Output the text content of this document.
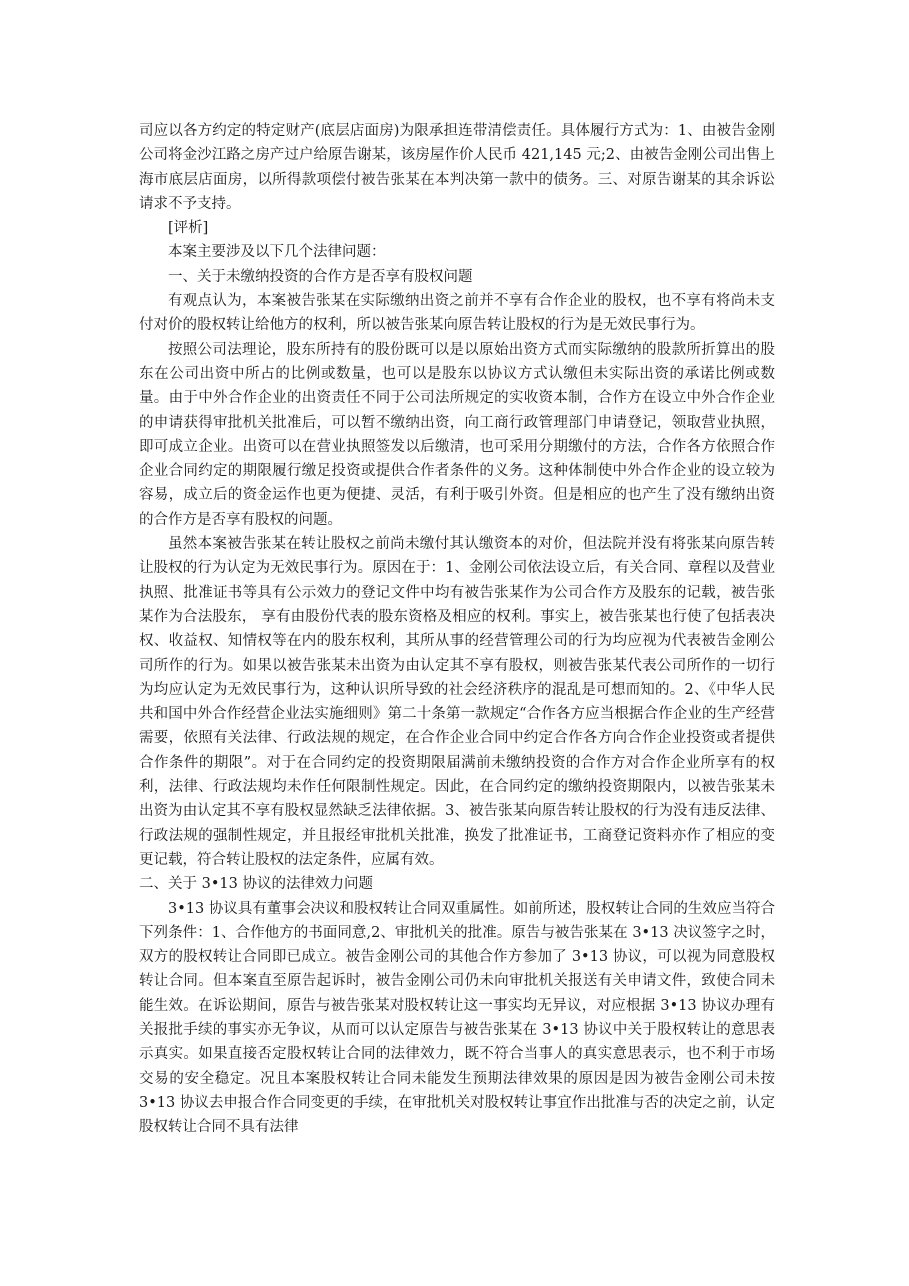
司应以各方约定的特定财产(底层店面房)为限承担连带清偿责任。具体履行方式为：1、由被告金刚公司将金沙江路之房产过户给原告谢某，该房屋作价人民币 421,145 元;2、由被告金刚公司出售上海市底层店面房，以所得款项偿付被告张某在本判决第一款中的债务。三、对原告谢某的其余诉讼请求不予支持。

[评析]

本案主要涉及以下几个法律问题：

一、关于未缴纳投资的合作方是否享有股权问题

有观点认为，本案被告张某在实际缴纳出资之前并不享有合作企业的股权，也不享有将尚未支付对价的股权转让给他方的权利，所以被告张某向原告转让股权的行为是无效民事行为。

按照公司法理论，股东所持有的股份既可以是以原始出资方式而实际缴纳的股款所折算出的股东在公司出资中所占的比例或数量，也可以是股东以协议方式认缴但未实际出资的承诺比例或数量。由于中外合作企业的出资责任不同于公司法所规定的实收资本制，合作方在设立中外合作企业的申请获得审批机关批准后，可以暂不缴纳出资，向工商行政管理部门申请登记，领取营业执照，即可成立企业。出资可以在营业执照签发以后缴清，也可采用分期缴付的方法，合作各方依照合作企业合同约定的期限履行缴足投资或提供合作者条件的义务。这种体制使中外合作企业的设立较为容易，成立后的资金运作也更为便捷、灵活，有利于吸引外资。但是相应的也产生了没有缴纳出资的合作方是否享有股权的问题。

虽然本案被告张某在转让股权之前尚未缴付其认缴资本的对价，但法院并没有将张某向原告转让股权的行为认定为无效民事行为。原因在于：1、金刚公司依法设立后，有关合同、章程以及营业执照、批准证书等具有公示效力的登记文件中均有被告张某作为公司合作方及股东的记载，被告张某作为合法股东， 享有由股份代表的股东资格及相应的权利。事实上，被告张某也行使了包括表决权、收益权、知情权等在内的股东权利，其所从事的经营管理公司的行为均应视为代表被告金刚公司所作的行为。如果以被告张某未出资为由认定其不享有股权，则被告张某代表公司所作的一切行为均应认定为无效民事行为，这种认识所导致的社会经济秩序的混乱是可想而知的。2、《中华人民共和国中外合作经营企业法实施细则》第二十条第一款规定“合作各方应当根据合作企业的生产经营需要，依照有关法律、行政法规的规定，在合作企业合同中约定合作各方向合作企业投资或者提供合作条件的期限”。对于在合同约定的投资期限届满前未缴纳投资的合作方对合作企业所享有的权利，法律、行政法规均未作任何限制性规定。因此，在合同约定的缴纳投资期限内，以被告张某未出资为由认定其不享有股权显然缺乏法律依据。3、被告张某向原告转让股权的行为没有违反法律、行政法规的强制性规定，并且报经审批机关批准，换发了批准证书，工商登记资料亦作了相应的变更记载，符合转让股权的法定条件，应属有效。

二、关于 3•13 协议的法律效力问题

3•13 协议具有董事会决议和股权转让合同双重属性。如前所述，股权转让合同的生效应当符合下列条件：1、合作他方的书面同意,2、审批机关的批准。原告与被告张某在 3•13 决议签字之时，双方的股权转让合同即已成立。被告金刚公司的其他合作方参加了 3•13 协议，可以视为同意股权转让合同。但本案直至原告起诉时，被告金刚公司仍未向审批机关报送有关申请文件，致使合同未能生效。在诉讼期间，原告与被告张某对股权转让这一事实均无异议，对应根据 3•13 协议办理有关报批手续的事实亦无争议，从而可以认定原告与被告张某在 3•13 协议中关于股权转让的意思表示真实。如果直接否定股权转让合同的法律效力，既不符合当事人的真实意思表示，也不利于市场交易的安全稳定。况且本案股权转让合同未能发生预期法律效果的原因是因为被告金刚公司未按 3•13 协议去申报合作合同变更的手续，在审批机关对股权转让事宜作出批准与否的决定之前，认定股权转让合同不具有法律
